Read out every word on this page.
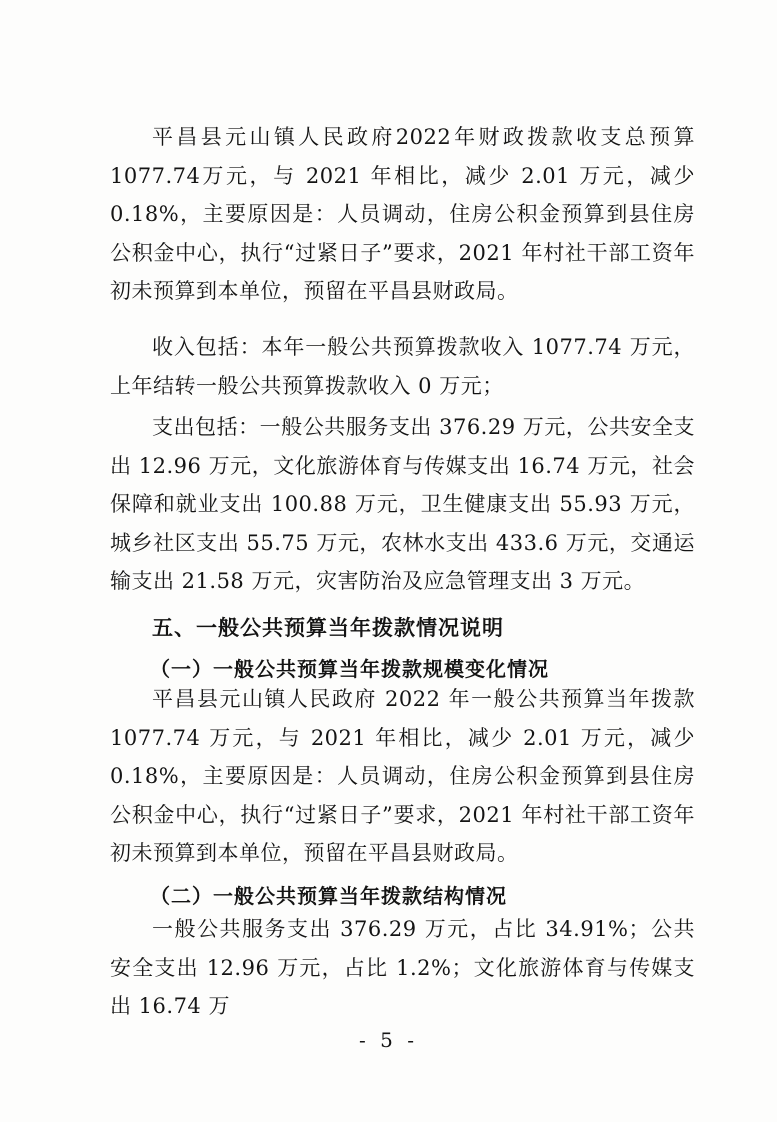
平昌县元山镇人民政府2022年财政拨款收支总预算1077.74万元，与 2021 年相比，减少 2.01 万元，减少 0.18%，主要原因是：人员调动，住房公积金预算到县住房公积金中心，执行“过紧日子”要求，2021 年村社干部工资年初未预算到本单位，预留在平昌县财政局。

收入包括：本年一般公共预算拨款收入 1077.74 万元，上年结转一般公共预算拨款收入 0 万元；

支出包括：一般公共服务支出 376.29 万元，公共安全支出 12.96 万元，文化旅游体育与传媒支出 16.74 万元，社会保障和就业支出 100.88 万元，卫生健康支出 55.93 万元，城乡社区支出 55.75 万元，农林水支出 433.6 万元，交通运输支出 21.58 万元，灾害防治及应急管理支出 3 万元。

五、一般公共预算当年拨款情况说明
（一）一般公共预算当年拨款规模变化情况

平昌县元山镇人民政府 2022 年一般公共预算当年拨款 1077.74 万元，与 2021 年相比，减少 2.01 万元，减少 0.18%，主要原因是：人员调动，住房公积金预算到县住房公积金中心，执行“过紧日子”要求，2021 年村社干部工资年初未预算到本单位，预留在平昌县财政局。

（二）一般公共预算当年拨款结构情况

一般公共服务支出 376.29 万元，占比 34.91%；公共安全支出 12.96 万元，占比 1.2%；文化旅游体育与传媒支出 16.74 万

- 5 -
